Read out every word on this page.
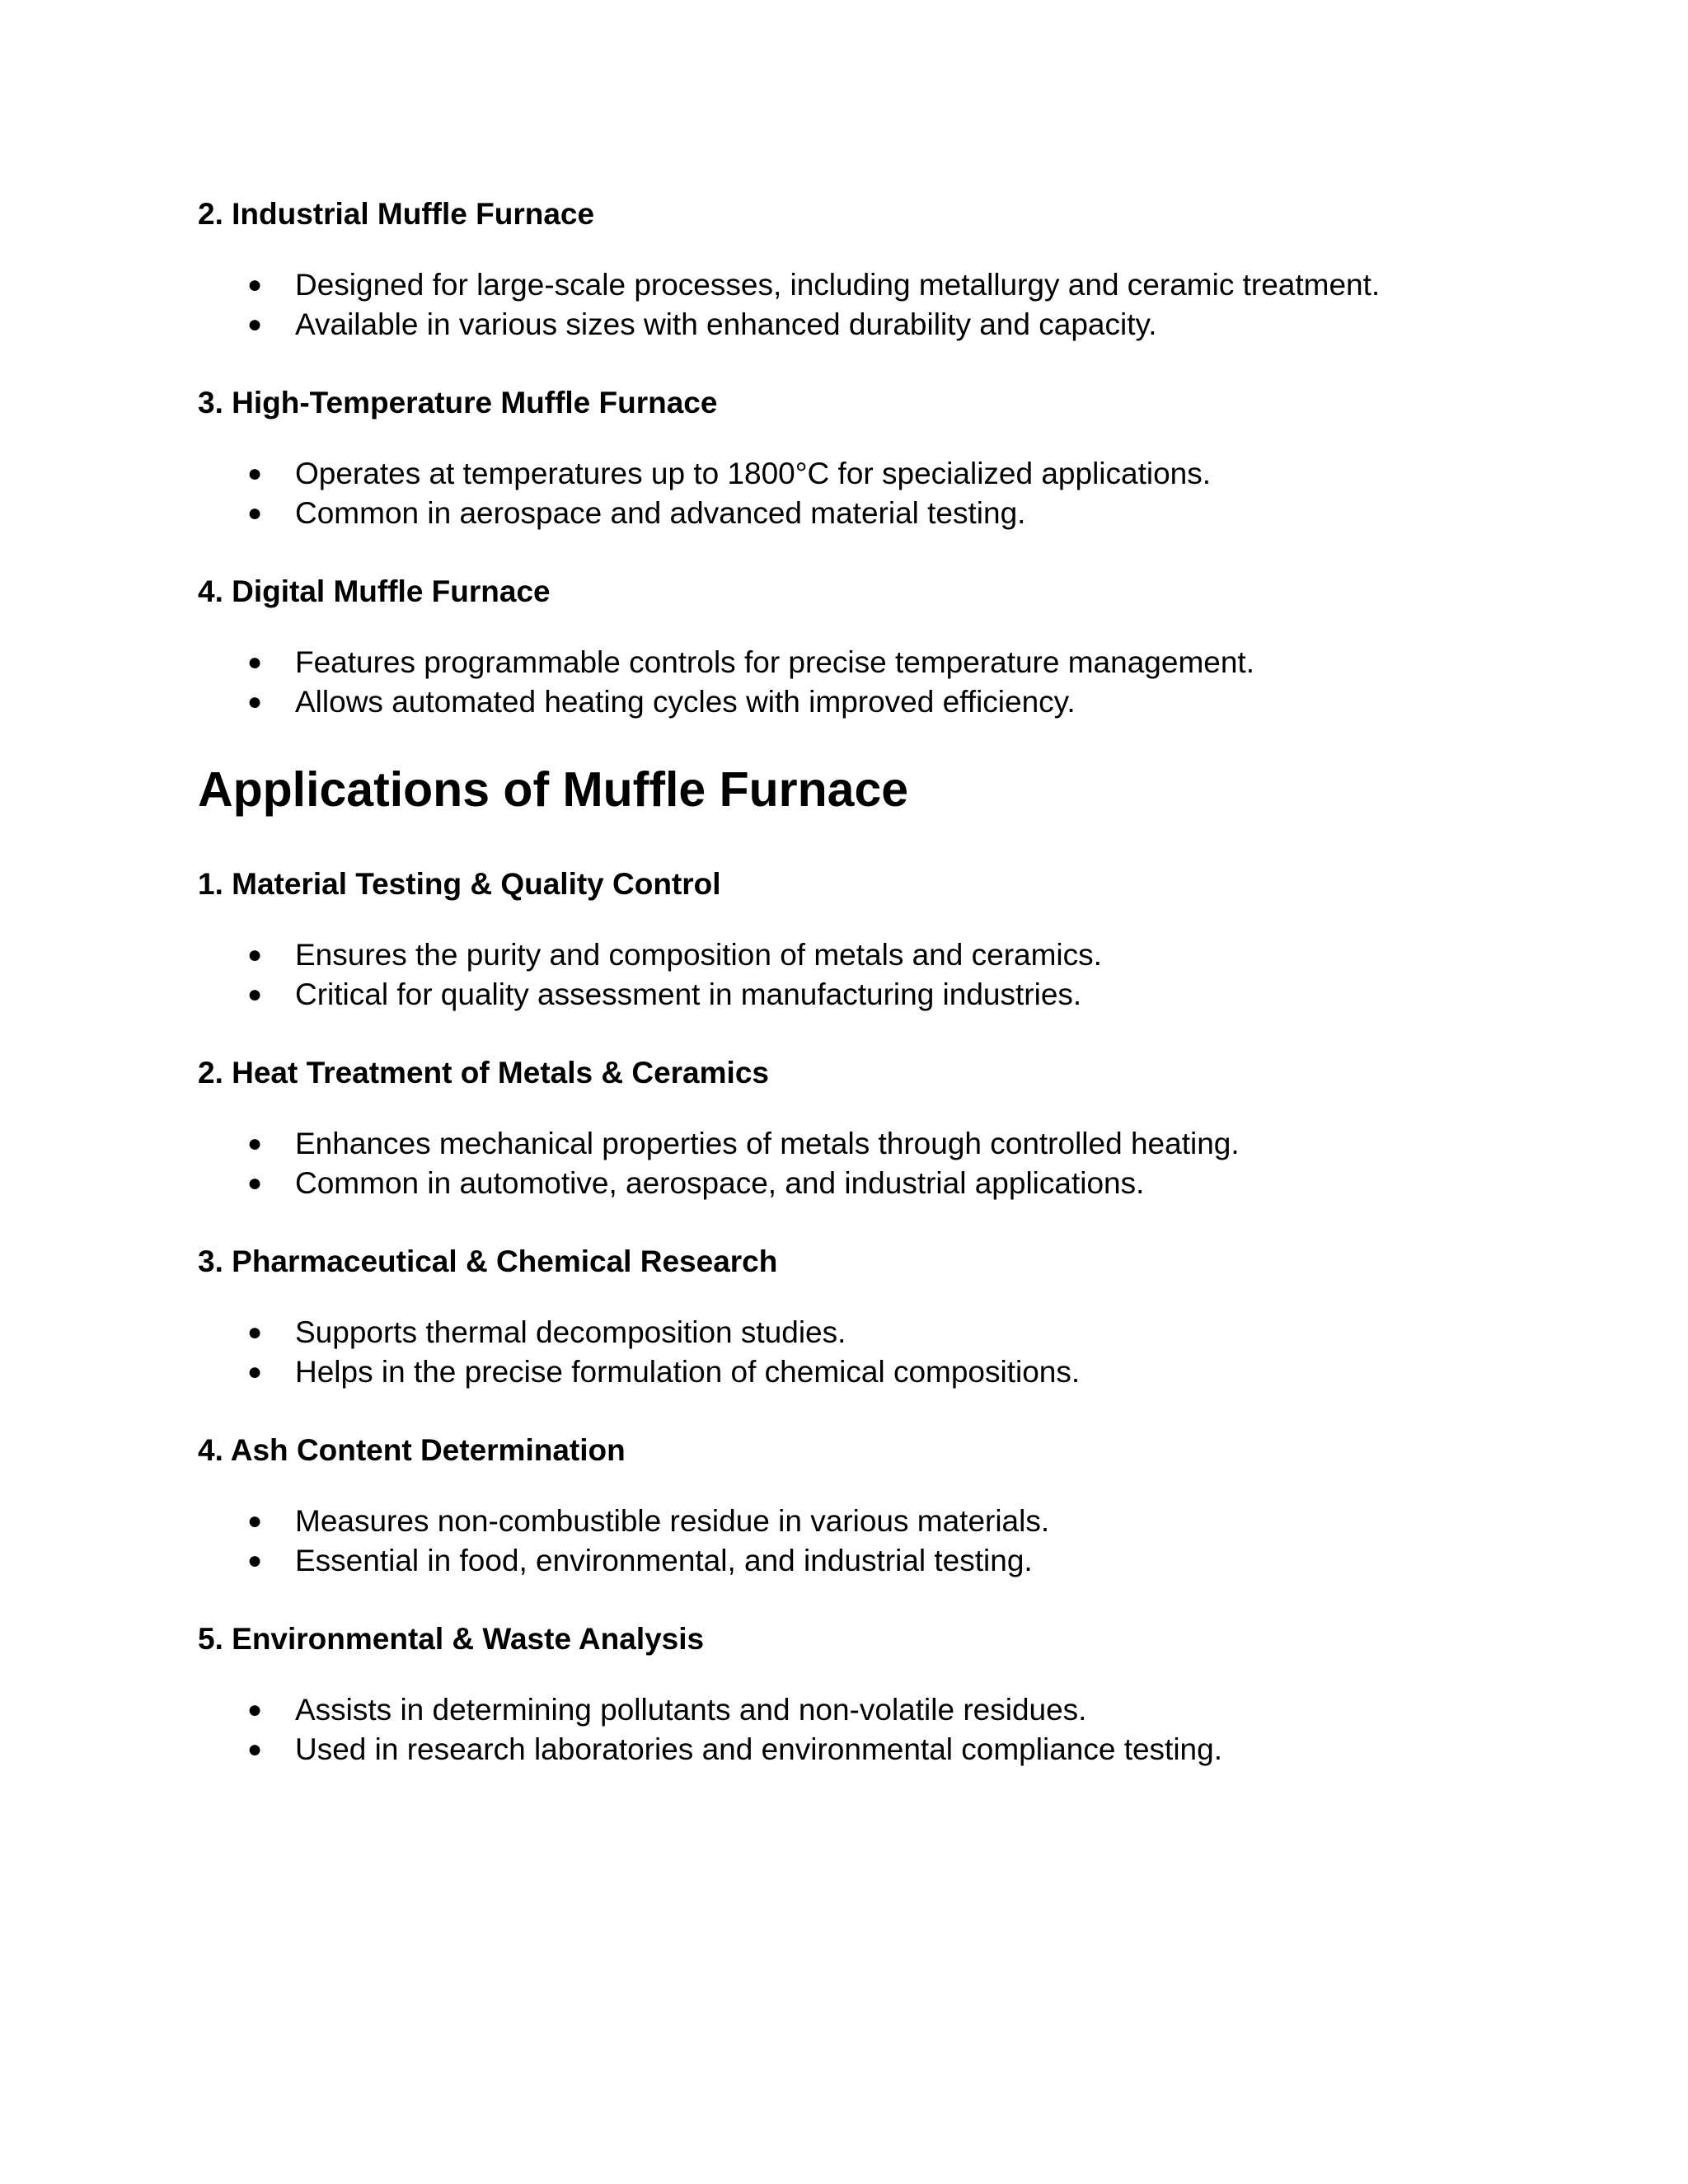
2. Industrial Muffle Furnace

● Designed for large-scale processes, including metallurgy and ceramic treatment.
● Available in various sizes with enhanced durability and capacity.

3. High-Temperature Muffle Furnace

● Operates at temperatures up to 1800°C for specialized applications.
● Common in aerospace and advanced material testing.

4. Digital Muffle Furnace

● Features programmable controls for precise temperature management.
● Allows automated heating cycles with improved efficiency.
Applications of Muffle Furnace

1. Material Testing & Quality Control

● Ensures the purity and composition of metals and ceramics.
● Critical for quality assessment in manufacturing industries.

2. Heat Treatment of Metals & Ceramics

● Enhances mechanical properties of metals through controlled heating.
● Common in automotive, aerospace, and industrial applications.

3. Pharmaceutical & Chemical Research

● Supports thermal decomposition studies.
● Helps in the precise formulation of chemical compositions.

4. Ash Content Determination

● Measures non-combustible residue in various materials.
● Essential in food, environmental, and industrial testing.

5. Environmental & Waste Analysis

● Assists in determining pollutants and non-volatile residues.
● Used in research laboratories and environmental compliance testing.
